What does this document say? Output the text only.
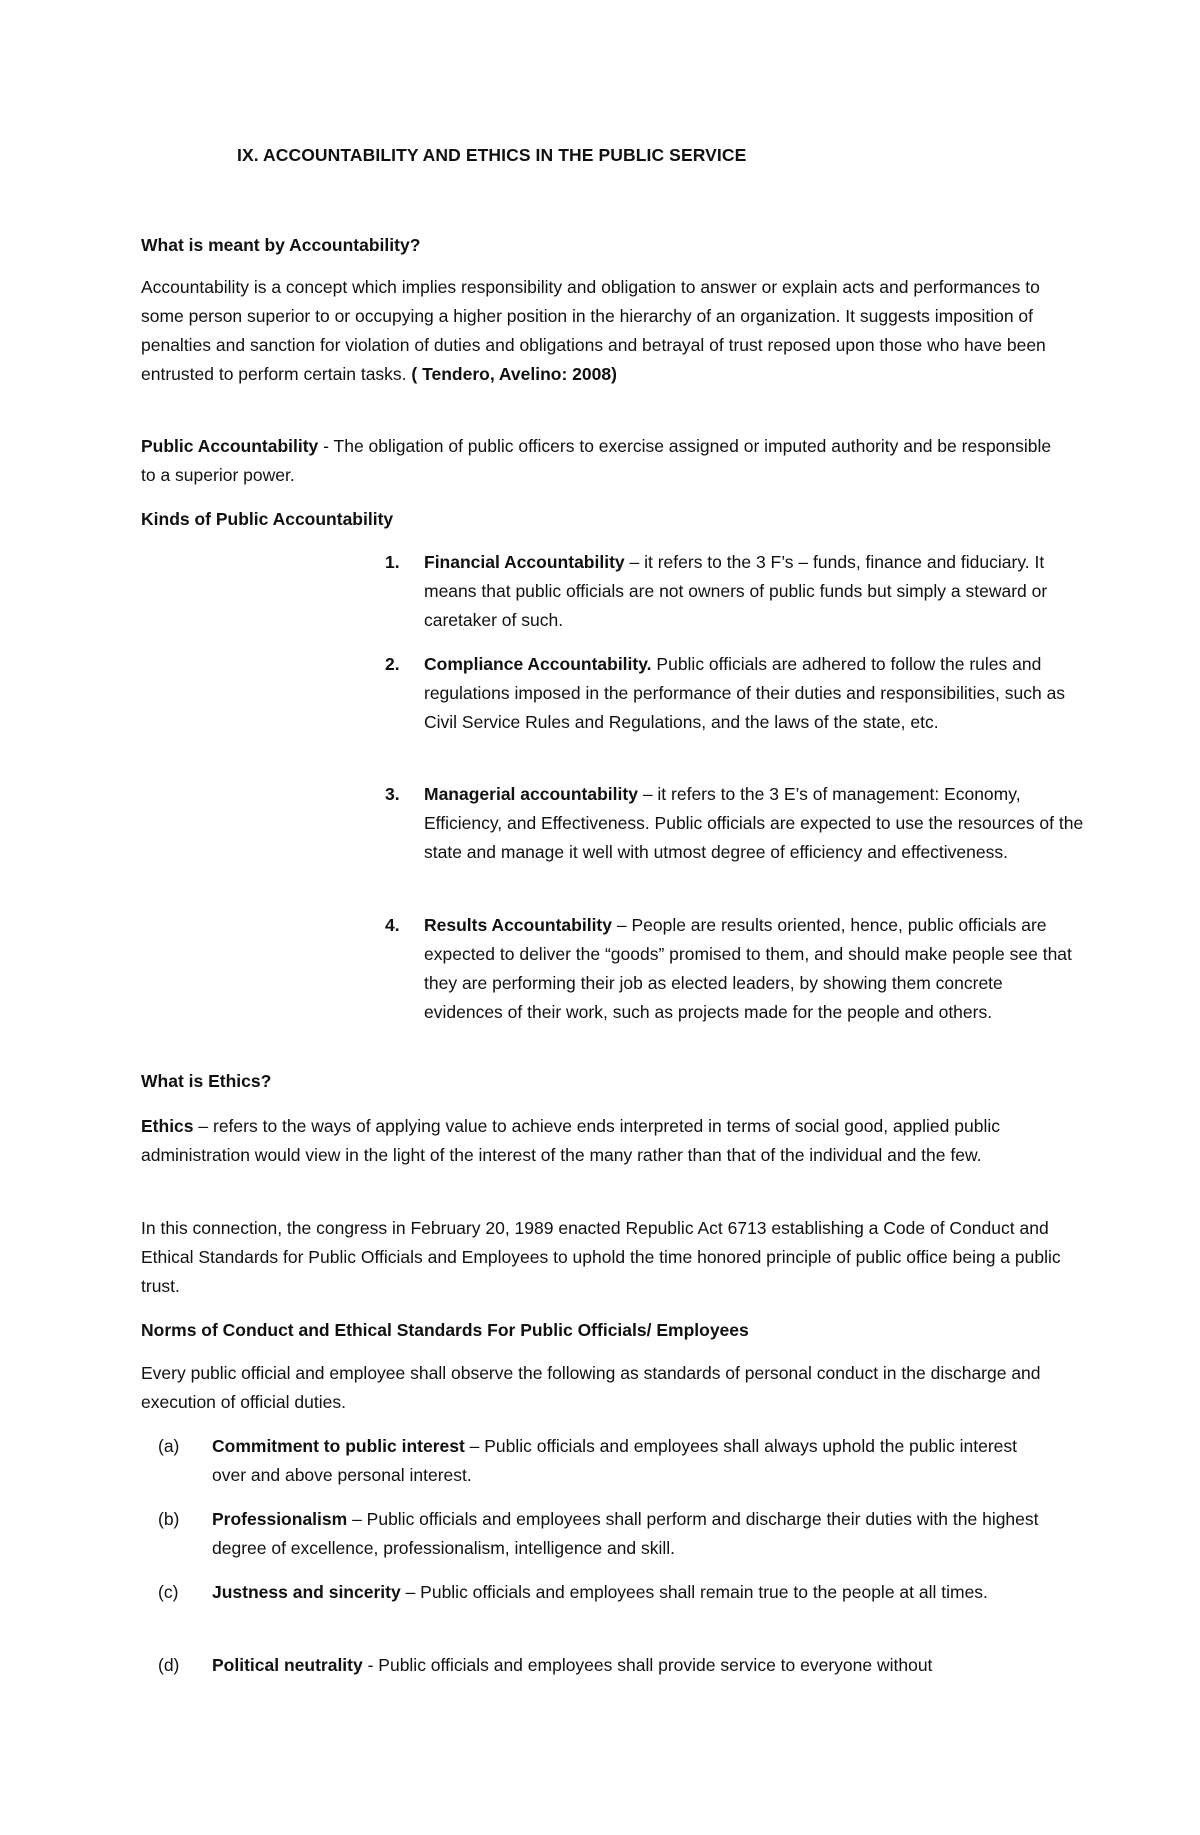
IX. ACCOUNTABILITY AND ETHICS IN THE PUBLIC SERVICE
What is meant by Accountability?
Accountability is a concept which implies responsibility and obligation to answer or explain acts and performances to some person superior to or occupying a higher position in the hierarchy of an organization. It suggests imposition of penalties and sanction for violation of duties and obligations and betrayal of trust reposed upon those who have been entrusted to perform certain tasks. ( Tendero, Avelino: 2008)
Public Accountability - The obligation of public officers to exercise assigned or imputed authority and be responsible to a superior power.
Kinds of Public Accountability
1. Financial Accountability – it refers to the 3 F’s – funds, finance and fiduciary. It means that public officials are not owners of public funds but simply a steward or caretaker of such.
2. Compliance Accountability. Public officials are adhered to follow the rules and regulations imposed in the performance of their duties and responsibilities, such as Civil Service Rules and Regulations, and the laws of the state, etc.
3. Managerial accountability – it refers to the 3 E’s of management: Economy, Efficiency, and Effectiveness. Public officials are expected to use the resources of the state and manage it well with utmost degree of efficiency and effectiveness.
4. Results Accountability – People are results oriented, hence, public officials are expected to deliver the “goods” promised to them, and should make people see that they are performing their job as elected leaders, by showing them concrete evidences of their work, such as projects made for the people and others.
What is Ethics?
Ethics – refers to the ways of applying value to achieve ends interpreted in terms of social good, applied public administration would view in the light of the interest of the many rather than that of the individual and the few.
In this connection, the congress in February 20, 1989 enacted Republic Act 6713 establishing a Code of Conduct and Ethical Standards for Public Officials and Employees to uphold the time honored principle of public office being a public trust.
Norms of Conduct and Ethical Standards For Public Officials/ Employees
Every public official and employee shall observe the following as standards of personal conduct in the discharge and execution of official duties.
(a) Commitment to public interest – Public officials and employees shall always uphold the public interest over and above personal interest.
(b) Professionalism – Public officials and employees shall perform and discharge their duties with the highest degree of excellence, professionalism, intelligence and skill.
(c) Justness and sincerity – Public officials and employees shall remain true to the people at all times.
(d) Political neutrality - Public officials and employees shall provide service to everyone without
